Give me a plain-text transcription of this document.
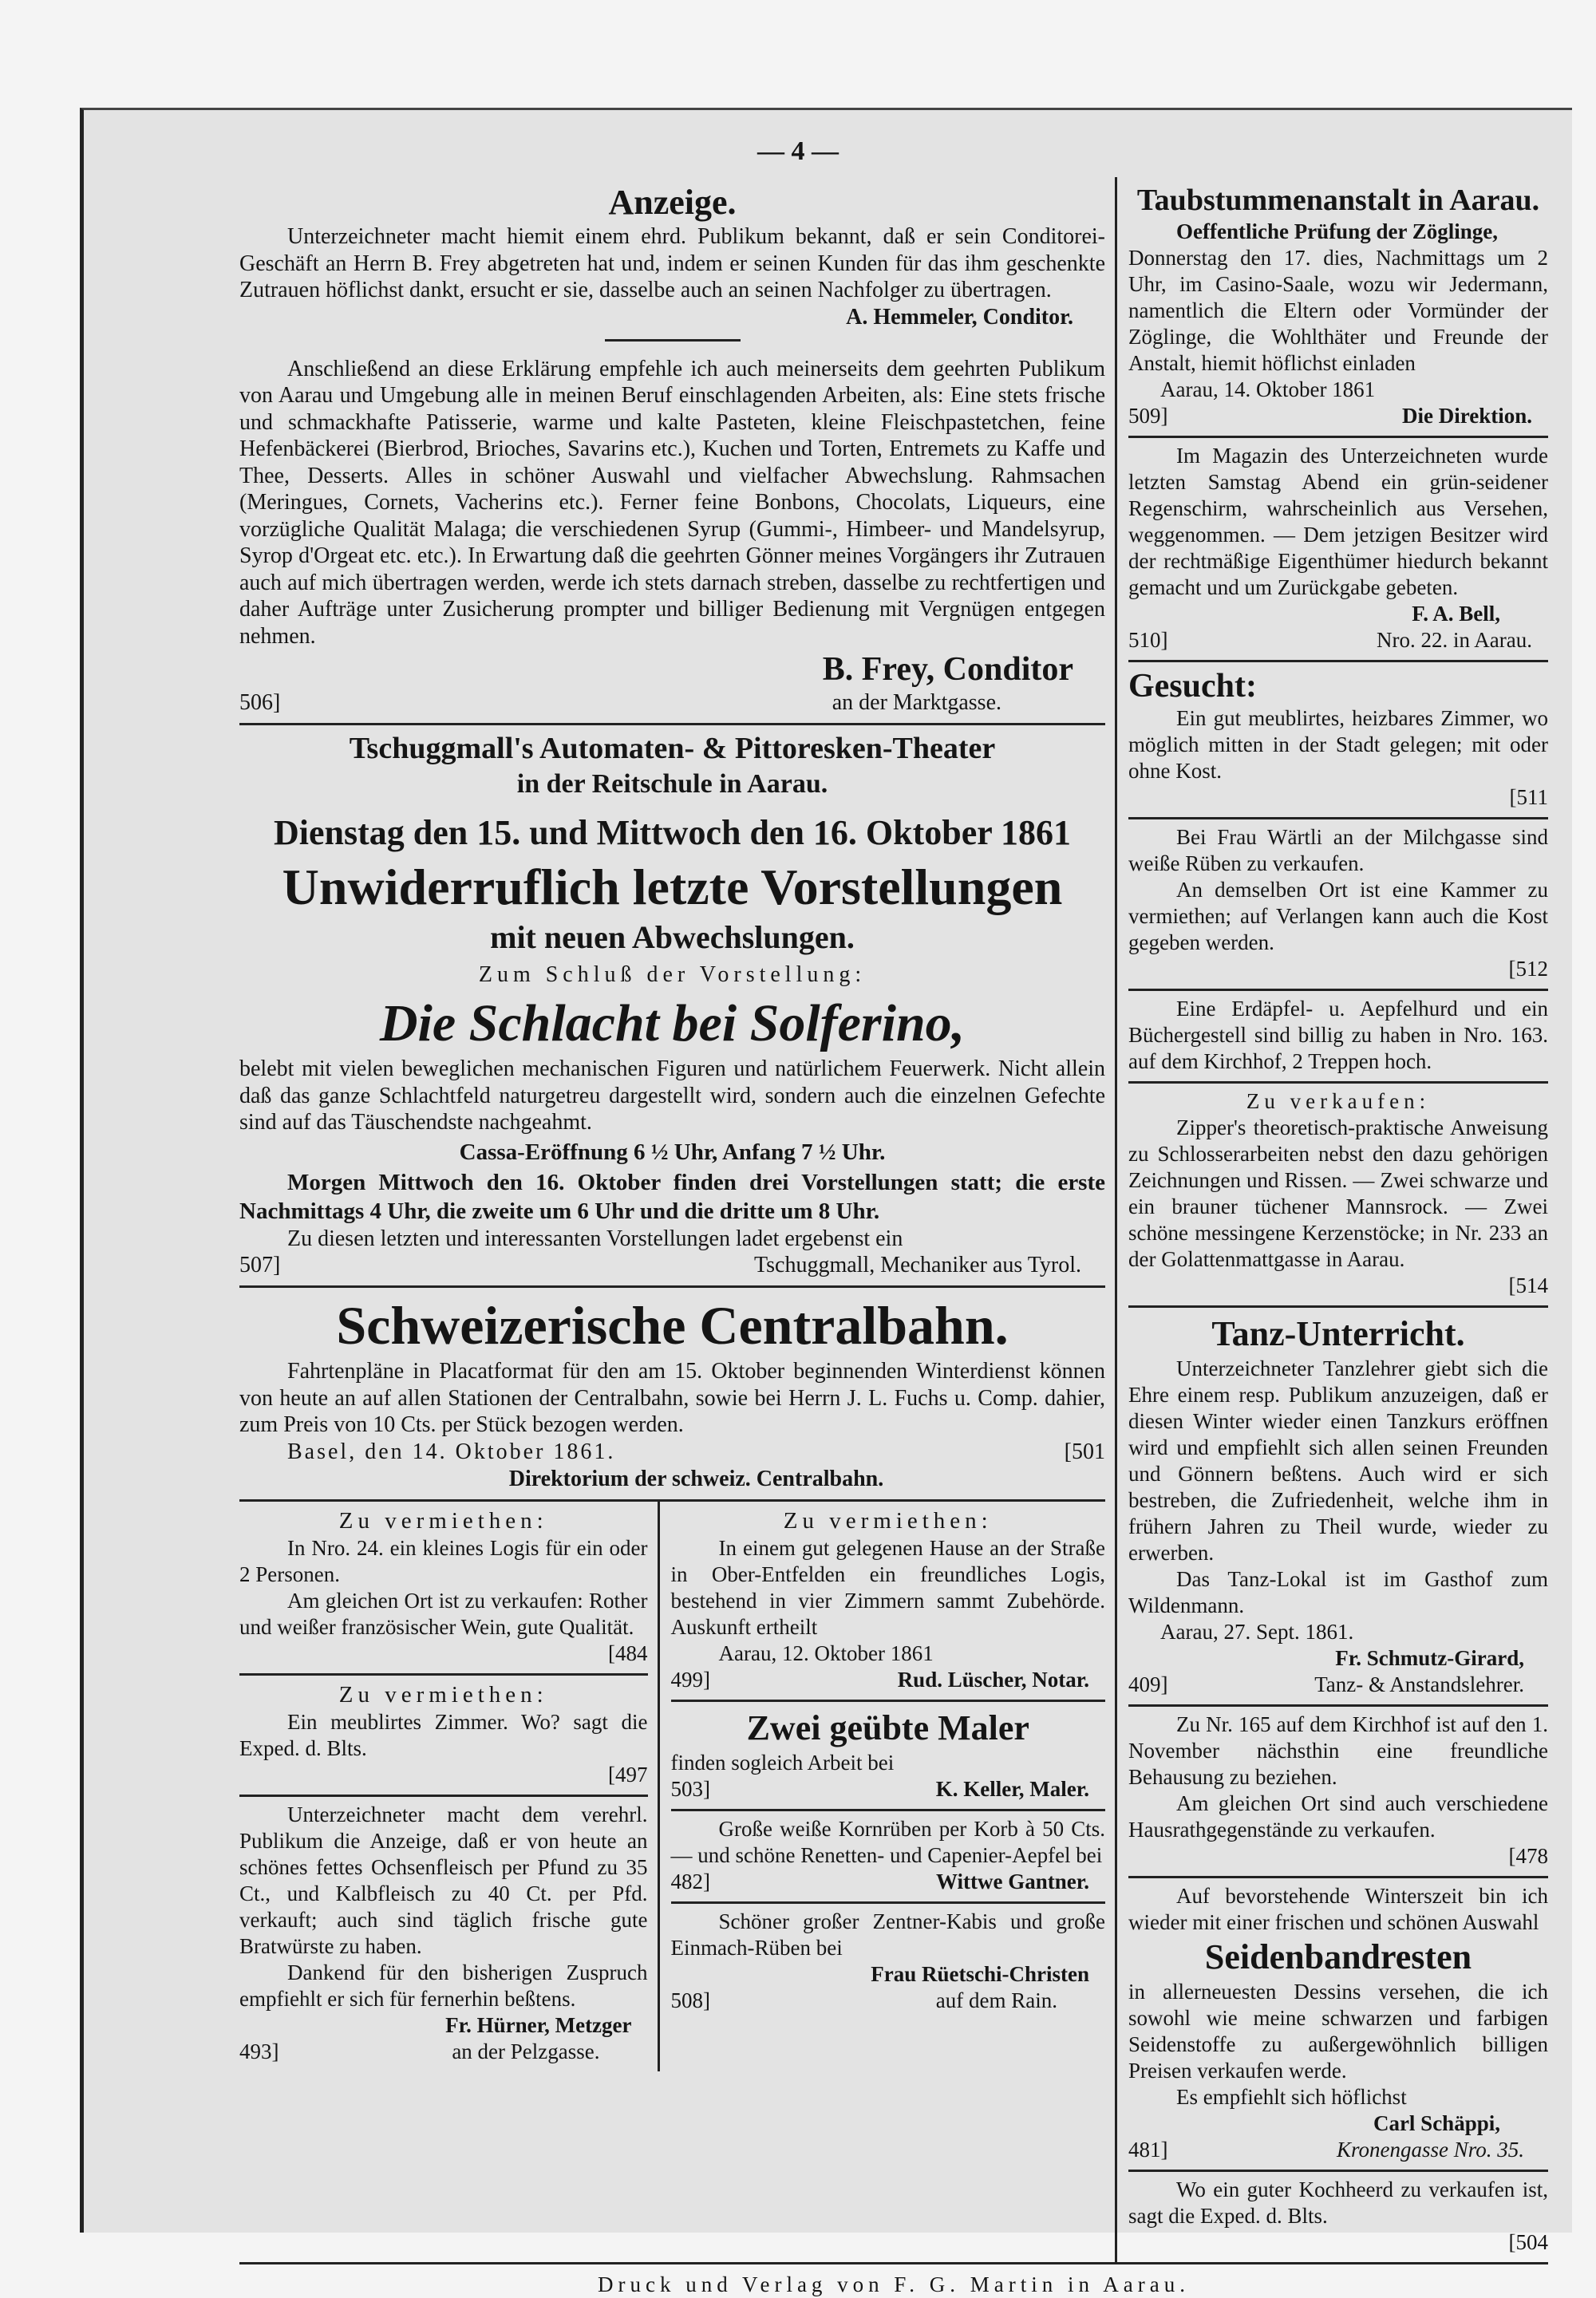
— 4 —
Anzeige.

Unterzeichneter macht hiemit einem ehrd. Publikum bekannt, daß er sein Conditorei-Geschäft an Herrn B. Frey abgetreten hat und, indem er seinen Kunden für das ihm geschenkte Zutrauen höflichst dankt, ersucht er sie, dasselbe auch an seinen Nachfolger zu übertragen.

A. Hemmeler, Conditor.

Anschließend an diese Erklärung empfehle ich auch meinerseits dem geehrten Publikum von Aarau und Umgebung alle in meinen Beruf einschlagenden Arbeiten, als: Eine stets frische und schmackhafte Patisserie, warme und kalte Pasteten, kleine Fleischpastetchen, feine Hefenbäckerei (Bierbrod, Brioches, Savarins etc.), Kuchen und Torten, Entremets zu Kaffe und Thee, Desserts. Alles in schöner Auswahl und vielfacher Abwechslung. Rahmsachen (Meringues, Cornets, Vacherins etc.). Ferner feine Bonbons, Chocolats, Liqueurs, eine vorzügliche Qualität Malaga; die verschiedenen Syrup (Gummi-, Himbeer- und Mandelsyrup, Syrop d'Orgeat etc. etc.). In Erwartung daß die geehrten Gönner meines Vorgängers ihr Zutrauen auch auf mich übertragen werden, werde ich stets darnach streben, dasselbe zu rechtfertigen und daher Aufträge unter Zusicherung prompter und billiger Bedienung mit Vergnügen entgegen nehmen.

B. Frey, Conditor

506]	an der Marktgasse.
Tschuggmall's Automaten- & Pittoresken-Theater
in der Reitschule in Aarau.
Dienstag den 15. und Mittwoch den 16. Oktober 1861
Unwiderruflich letzte Vorstellungen
mit neuen Abwechslungen.
Zum Schluß der Vorstellung:
Die Schlacht bei Solferino,

belebt mit vielen beweglichen mechanischen Figuren und natürlichem Feuerwerk. Nicht allein daß das ganze Schlachtfeld naturgetreu dargestellt wird, sondern auch die einzelnen Gefechte sind auf das Täuschendste nachgeahmt.

Cassa-Eröffnung 6 ½ Uhr, Anfang 7 ½ Uhr.

Morgen Mittwoch den 16. Oktober finden drei Vorstellungen statt; die erste Nachmittags 4 Uhr, die zweite um 6 Uhr und die dritte um 8 Uhr.

Zu diesen letzten und interessanten Vorstellungen ladet ergebenst ein

507]	Tschuggmall, Mechaniker aus Tyrol.
Schweizerische Centralbahn.

Fahrtenpläne in Placatformat für den am 15. Oktober beginnenden Winterdienst können von heute an auf allen Stationen der Centralbahn, sowie bei Herrn J. L. Fuchs u. Comp. dahier, zum Preis von 10 Cts. per Stück bezogen werden.

Basel, den 14. Oktober 1861.	[501
Direktorium der schweiz. Centralbahn.
Zu vermiethen:

In Nro. 24. ein kleines Logis für ein oder 2 Personen.

Am gleichen Ort ist zu verkaufen: Rother und weißer französischer Wein, gute Qualität.

[484
Zu vermiethen:

Ein meublirtes Zimmer. Wo? sagt die Exped. d. Blts.

[497

Unterzeichneter macht dem verehrl. Publikum die Anzeige, daß er von heute an schönes fettes Ochsenfleisch per Pfund zu 35 Ct., und Kalbfleisch zu 40 Ct. per Pfd. verkauft; auch sind täglich frische gute Bratwürste zu haben.

Dankend für den bisherigen Zuspruch empfiehlt er sich für fernerhin beßtens.

Fr. Hürner, Metzger

493]	an der Pelzgasse.
Zu vermiethen:

In einem gut gelegenen Hause an der Straße in Ober-Entfelden ein freundliches Logis, bestehend in vier Zimmern sammt Zubehörde. Auskunft ertheilt

Aarau, 12. Oktober 1861
499]	Rud. Lüscher, Notar.
Zwei geübte Maler

finden sogleich Arbeit bei

503]	K. Keller, Maler.

Große weiße Kornrüben per Korb à 50 Cts. — und schöne Renetten- und Capenier-Aepfel bei

482]	Wittwe Gantner.

Schöner großer Zentner-Kabis und große Einmach-Rüben bei

Frau Rüetschi-Christen

508]	auf dem Rain.
Taubstummenanstalt in Aarau.

Oeffentliche Prüfung der Zöglinge,

Donnerstag den 17. dies, Nachmittags um 2 Uhr, im Casino-Saale, wozu wir Jedermann, namentlich die Eltern oder Vormünder der Zöglinge, die Wohlthäter und Freunde der Anstalt, hiemit höflichst einladen

Aarau, 14. Oktober 1861
509]	Die Direktion.

Im Magazin des Unterzeichneten wurde letzten Samstag Abend ein grün-seidener Regenschirm, wahrscheinlich aus Versehen, weggenommen. — Dem jetzigen Besitzer wird der rechtmäßige Eigenthümer hiedurch bekannt gemacht und um Zurückgabe gebeten.

F. A. Bell,

510]	Nro. 22. in Aarau.
Gesucht:

Ein gut meublirtes, heizbares Zimmer, wo möglich mitten in der Stadt gelegen; mit oder ohne Kost.

[511

Bei Frau Wärtli an der Milchgasse sind weiße Rüben zu verkaufen.

An demselben Ort ist eine Kammer zu vermiethen; auf Verlangen kann auch die Kost gegeben werden.

[512

Eine Erdäpfel- u. Aepfelhurd und ein Büchergestell sind billig zu haben in Nro. 163. auf dem Kirchhof, 2 Treppen hoch.

Zu verkaufen:

Zipper's theoretisch-praktische Anweisung zu Schlosserarbeiten nebst den dazu gehörigen Zeichnungen und Rissen. — Zwei schwarze und ein brauner tüchener Mannsrock. — Zwei schöne messingene Kerzenstöcke; in Nr. 233 an der Golattenmattgasse in Aarau.

[514
Tanz-Unterricht.

Unterzeichneter Tanzlehrer giebt sich die Ehre einem resp. Publikum anzuzeigen, daß er diesen Winter wieder einen Tanzkurs eröffnen wird und empfiehlt sich allen seinen Freunden und Gönnern beßtens. Auch wird er sich bestreben, die Zufriedenheit, welche ihm in frühern Jahren zu Theil wurde, wieder zu erwerben.

Das Tanz-Lokal ist im Gasthof zum Wildenmann.

Aarau, 27. Sept. 1861.

Fr. Schmutz-Girard,

409]	Tanz- & Anstandslehrer.

Zu Nr. 165 auf dem Kirchhof ist auf den 1. November nächsthin eine freundliche Behausung zu beziehen.

Am gleichen Ort sind auch verschiedene Hausrathgegenstände zu verkaufen.

[478

Auf bevorstehende Winterszeit bin ich wieder mit einer frischen und schönen Auswahl

Seidenbandresten

in allerneuesten Dessins versehen, die ich sowohl wie meine schwarzen und farbigen Seidenstoffe zu außergewöhnlich billigen Preisen verkaufen werde.

Es empfiehlt sich höflichst

Carl Schäppi,

481]	Kronengasse Nro. 35.

Wo ein guter Kochheerd zu verkaufen ist, sagt die Exped. d. Blts.

[504
Druck und Verlag von F. G. Martin in Aarau.
